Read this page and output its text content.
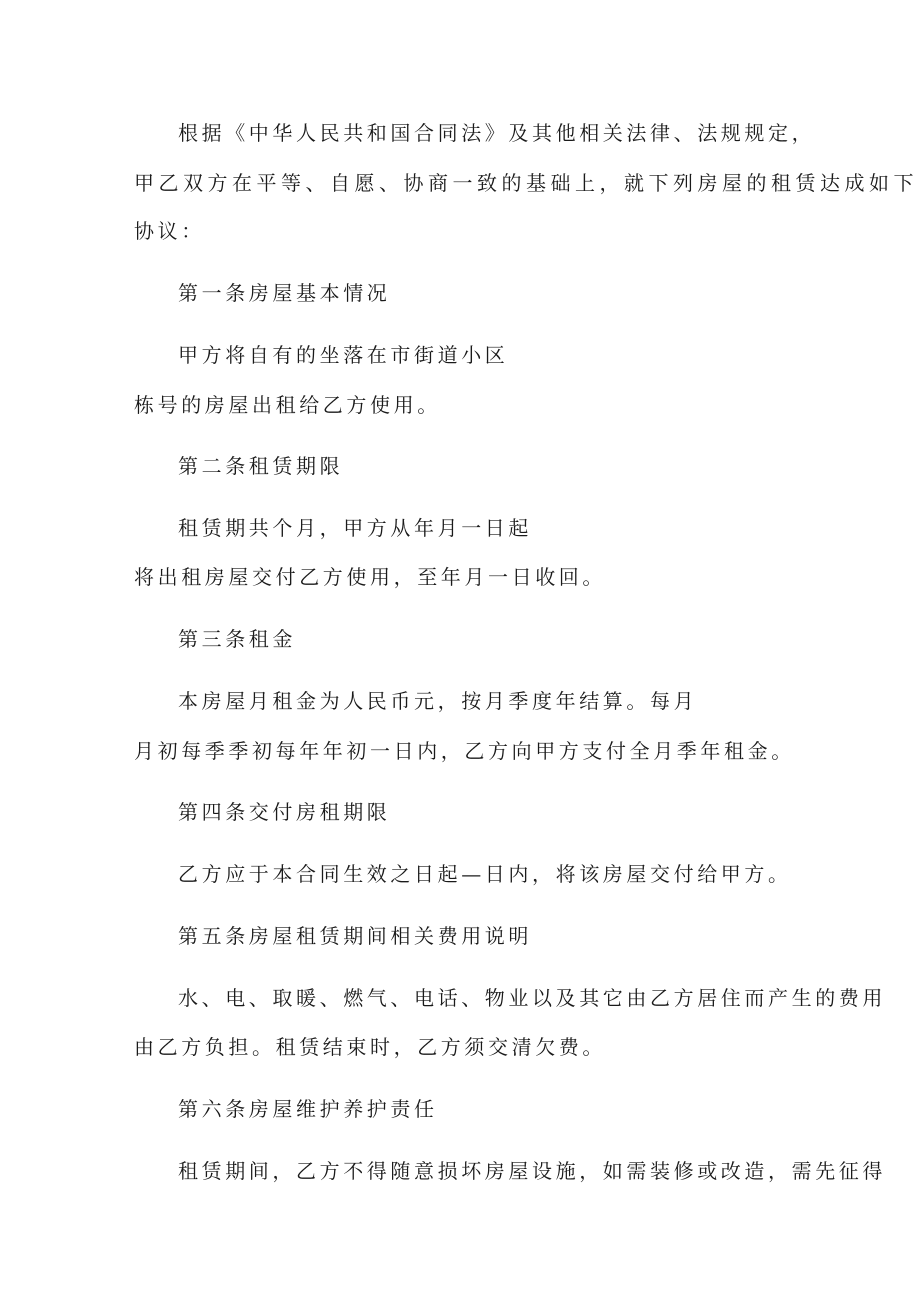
根据《中华人民共和国合同法》及其他相关法律、法规规定，

甲乙双方在平等、自愿、协商一致的基础上，就下列房屋的租赁达成如下

协议：

第一条房屋基本情况

甲方将自有的坐落在市街道小区

栋号的房屋出租给乙方使用。

第二条租赁期限

租赁期共个月，甲方从年月一日起

将出租房屋交付乙方使用，至年月一日收回。

第三条租金

本房屋月租金为人民币元，按月季度年结算。每月

月初每季季初每年年初一日内，乙方向甲方支付全月季年租金。

第四条交付房租期限

乙方应于本合同生效之日起—日内，将该房屋交付给甲方。

第五条房屋租赁期间相关费用说明

水、电、取暖、燃气、电话、物业以及其它由乙方居住而产生的费用

由乙方负担。租赁结束时，乙方须交清欠费。

第六条房屋维护养护责任

租赁期间，乙方不得随意损坏房屋设施，如需装修或改造，需先征得
